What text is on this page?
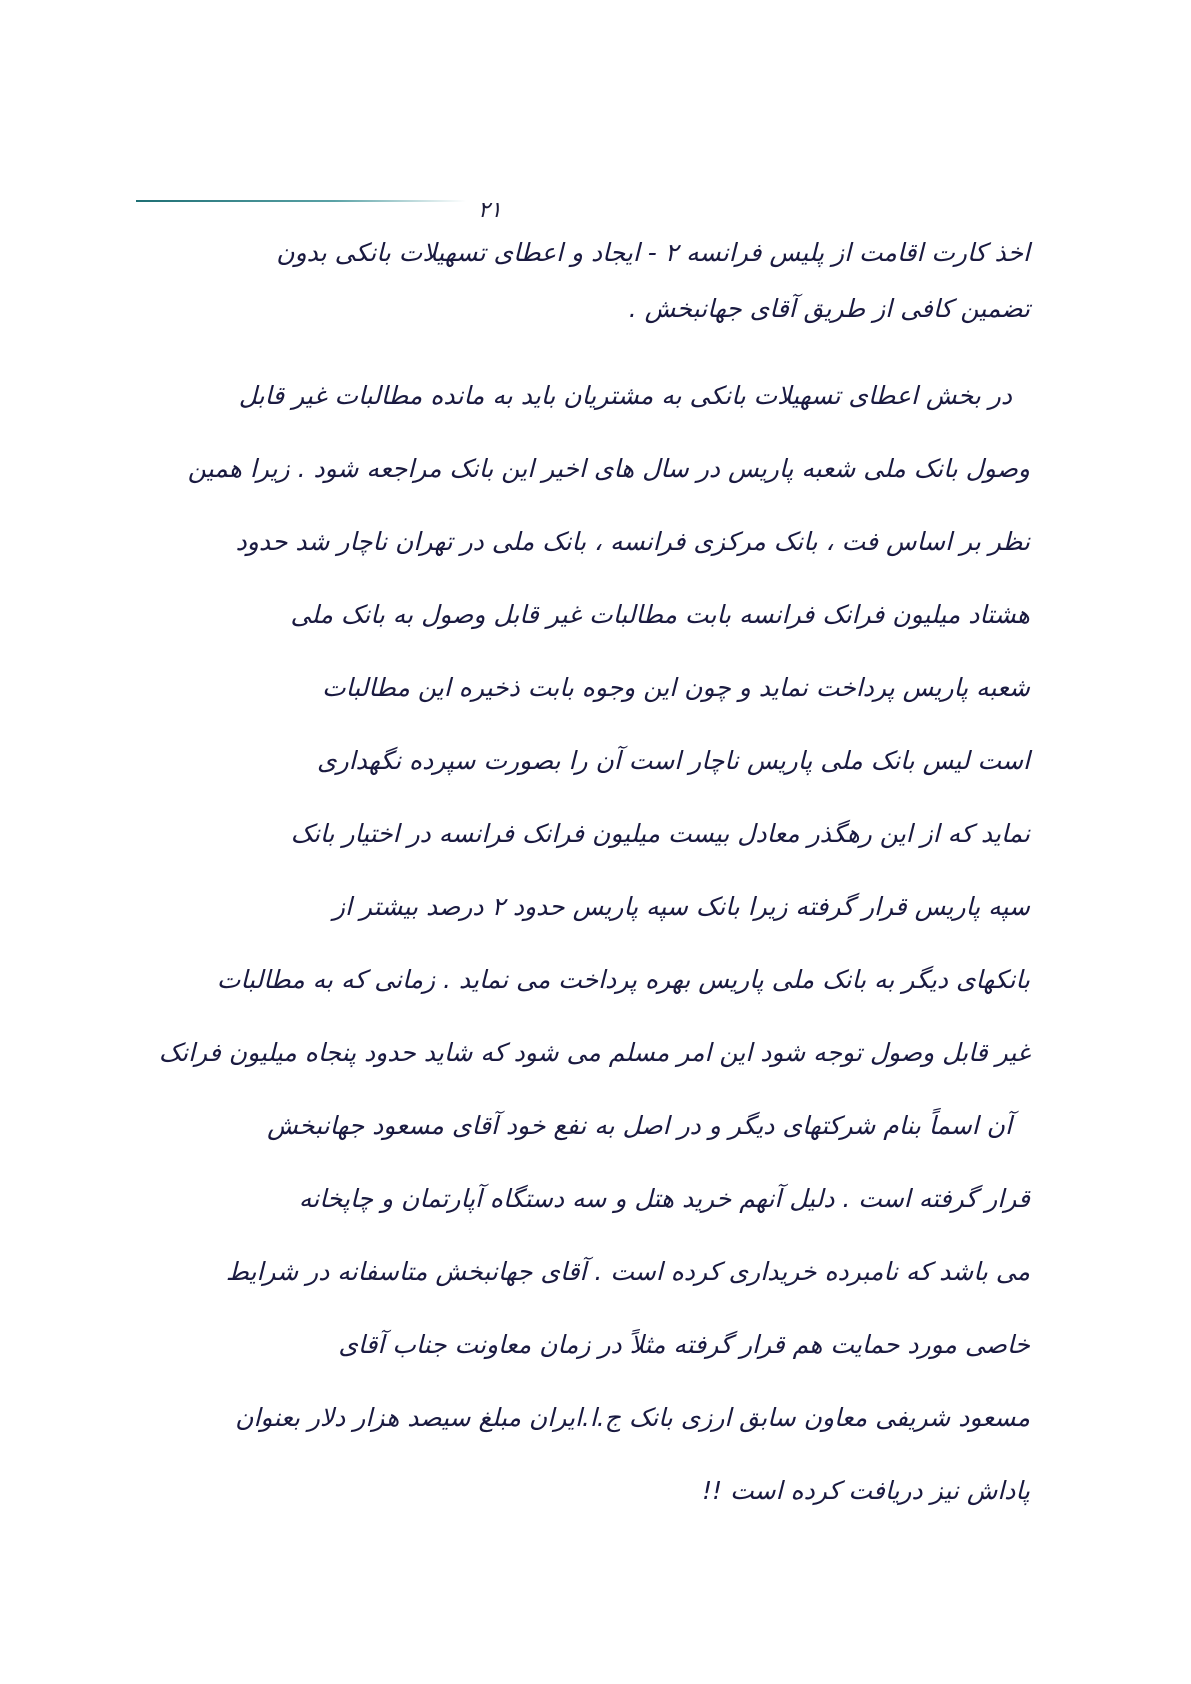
۲۱
اخذ کارت اقامت از پلیس فرانسه ۲ - ایجاد و اعطای تسهیلات بانکی بدون
تضمین کافی از طریق آقای جهانبخش .
در بخش اعطای تسهیلات بانکی به مشتریان باید به مانده مطالبات غیر قابل
وصول بانک ملی شعبه پاریس در سال های اخیر این بانک مراجعه شود . زیرا همین
نظر بر اساس فت ، بانک مرکزی فرانسه ، بانک ملی در تهران ناچار شد حدود
هشتاد میلیون فرانک فرانسه بابت مطالبات غیر قابل وصول به بانک ملی
شعبه پاریس پرداخت نماید و چون این وجوه بابت ذخیره این مطالبات
است لیس بانک ملی پاریس ناچار است آن را بصورت سپرده نگهداری
نماید که از این رهگذر معادل بیست میلیون فرانک فرانسه در اختیار بانک
سپه پاریس قرار گرفته زیرا بانک سپه پاریس حدود ۲ درصد بیشتر از
بانکهای دیگر به بانک ملی پاریس بهره پرداخت می نماید . زمانی که به مطالبات
غیر قابل وصول توجه شود این امر مسلم می شود که شاید حدود پنجاه میلیون فرانک
آن اسماً بنام شرکتهای دیگر و در اصل به نفع خود آقای مسعود جهانبخش
قرار گرفته است . دلیل آنهم خرید هتل و سه دستگاه آپارتمان و چاپخانه
می باشد که نامبرده خریداری کرده است . آقای جهانبخش متاسفانه در شرایط
خاصی مورد حمایت هم قرار گرفته مثلاً در زمان معاونت جناب آقای
مسعود شریفی معاون سابق ارزی بانک ج.ا.ایران مبلغ سیصد هزار دلار بعنوان
پاداش نیز دریافت کرده است !!
